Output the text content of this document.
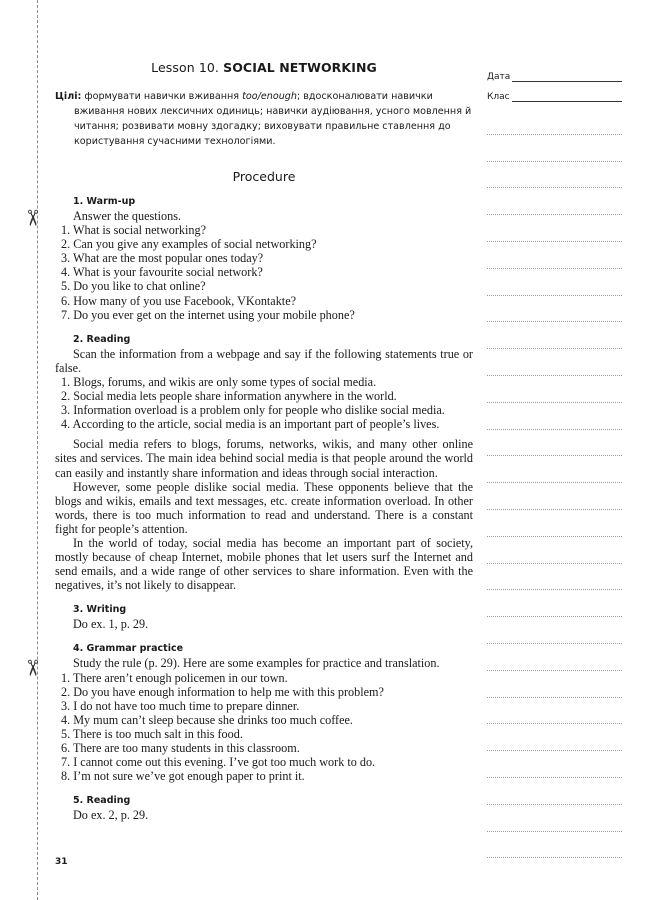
✂
✂
Lesson 10. SOCIAL NETWORKING

Цілі: формувати навички вживання too/enough; вдосконалювати навички вживання нових лексичних одиниць; навички аудіювання, усного мовлення й читання; розвивати мовну здогадку; виховувати правильне ставлення до користування сучасними технологіями.

Procedure
1. Warm-up

Answer the questions.

1. What is social networking?
2. Can you give any examples of social networking?
3. What are the most popular ones today?
4. What is your favourite social network?
5. Do you like to chat online?
6. How many of you use Facebook, VKontakte?
7. Do you ever get on the internet using your mobile phone?
2. Reading

Scan the information from a webpage and say if the following statements true or false.

1. Blogs, forums, and wikis are only some types of social media.
2. Social media lets people share information anywhere in the world.
3. Information overload is a problem only for people who dislike social media.
4. According to the article, social media is an important part of people’s lives.

Social media refers to blogs, forums, networks, wikis, and many other online sites and services. The main idea behind social media is that people around the world can easily and instantly share information and ideas through social interaction.

However, some people dislike social media. These opponents believe that the blogs and wikis, emails and text messages, etc. create information overload. In other words, there is too much information to read and understand. There is a constant fight for people’s attention.

In the world of today, social media has become an important part of society, mostly because of cheap Internet, mobile phones that let users surf the Internet and send emails, and a wide range of other services to share information. Even with the negatives, it’s not likely to disappear.

3. Writing

Do ex. 1, p. 29.

4. Grammar practice

Study the rule (p. 29). Here are some examples for practice and translation.

1. There aren’t enough policemen in our town.
2. Do you have enough information to help me with this problem?
3. I do not have too much time to prepare dinner.
4. My mum can’t sleep because she drinks too much coffee.
5. There is too much salt in this food.
6. There are too many students in this classroom.
7. I cannot come out this evening. I’ve got too much work to do.
8. I’m not sure we’ve got enough paper to print it.
5. Reading

Do ex. 2, p. 29.

31
Дата
Клас
